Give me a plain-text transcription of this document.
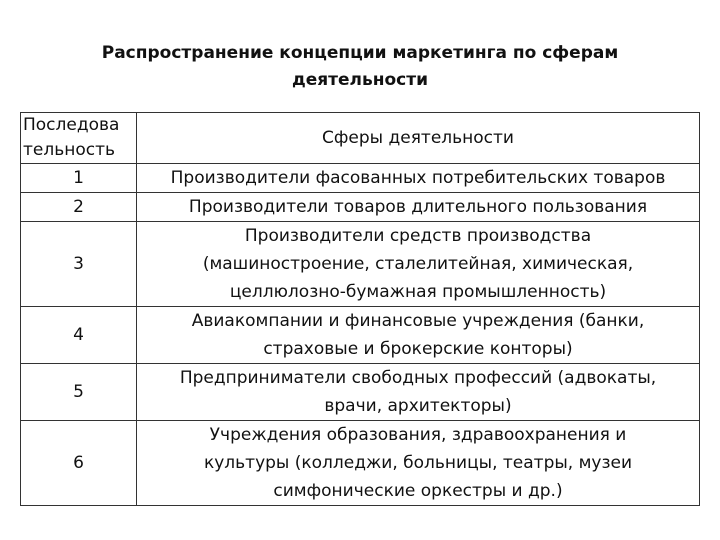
Распространение концепции маркетинга по сферам
деятельности
Последова
тельность	Сферы деятельности
1	Производители фасованных потребительских товаров

2	Производители товаров длительного пользования

3	Производители средств производства
(машиностроение, сталелитейная, химическая,
целлюлозно-бумажная промышленность)

4	Авиакомпании и финансовые учреждения (банки,
страховые и брокерские конторы)

5	Предприниматели свободных профессий (адвокаты,
врачи, архитекторы)

6	Учреждения образования, здравоохранения и
культуры (колледжи, больницы, театры, музеи
симфонические оркестры и др.)
